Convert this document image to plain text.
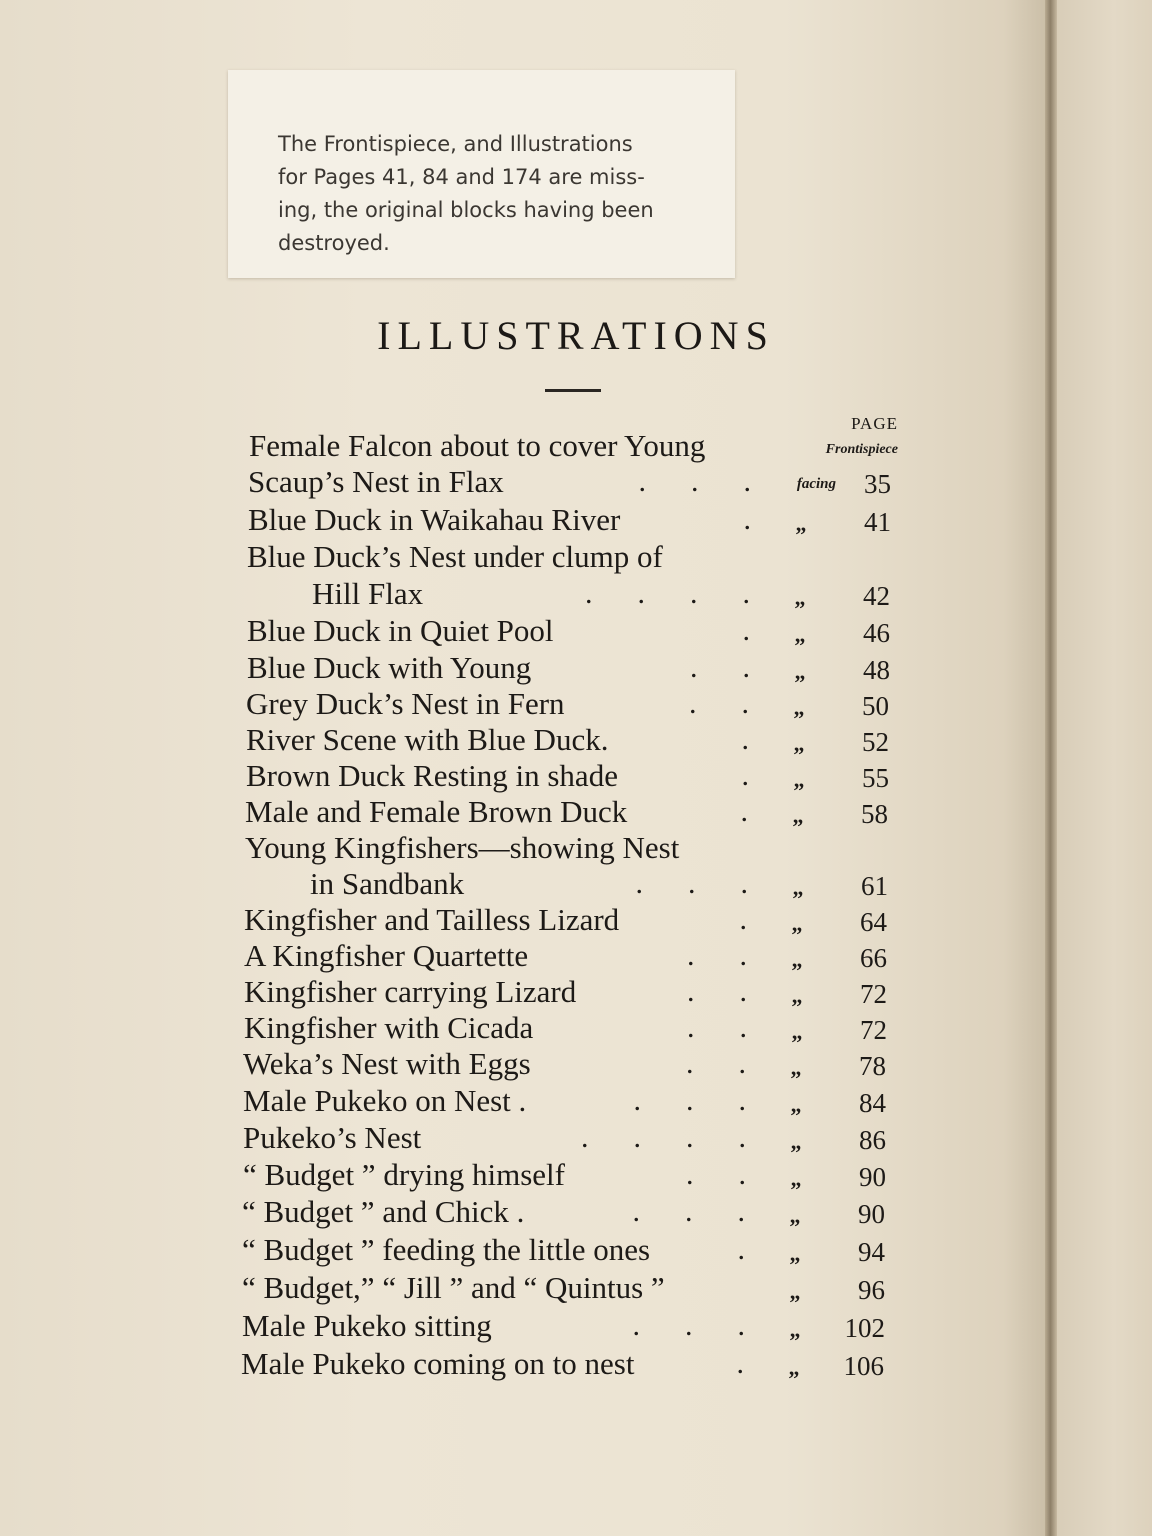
The Frontispiece, and Illustrations
for Pages 41, 84 and 174 are miss-
ing, the original blocks having been
destroyed.
ILLUSTRATIONS
PAGE
Female Falcon about to cover Young	Frontispiece
Scaup’s Nest in Flax	.  .  .	facing	35
Blue Duck in Waikahau River	.	„	41
Blue Duck’s Nest under clump of
Hill Flax	.  .  .  .	„	42
Blue Duck in Quiet Pool	.	„	46
Blue Duck with Young	.  .	„	48
Grey Duck’s Nest in Fern	.  .	„	50
River Scene with Blue Duck.	.	„	52
Brown Duck Resting in shade	.	„	55
Male and Female Brown Duck	.	„	58
Young Kingfishers—showing Nest
in Sandbank	.  .  .	„	61
Kingfisher and Tailless Lizard	.	„	64
A Kingfisher Quartette	.  .	„	66
Kingfisher carrying Lizard	.  .	„	72
Kingfisher with Cicada	.  .	„	72
Weka’s Nest with Eggs	.  .	„	78
Male Pukeko on Nest .	.  .  .	„	84
Pukeko’s Nest	.  .  .  .	„	86
“ Budget ” drying himself	.  .	„	90
“ Budget ” and Chick .	.  .  .	„	90
“ Budget ” feeding the little ones	.	„	94
“ Budget,” “ Jill ” and “ Quintus ”	„	96
Male Pukeko sitting	.  .  .	„	102
Male Pukeko coming on to nest	.	„	106
